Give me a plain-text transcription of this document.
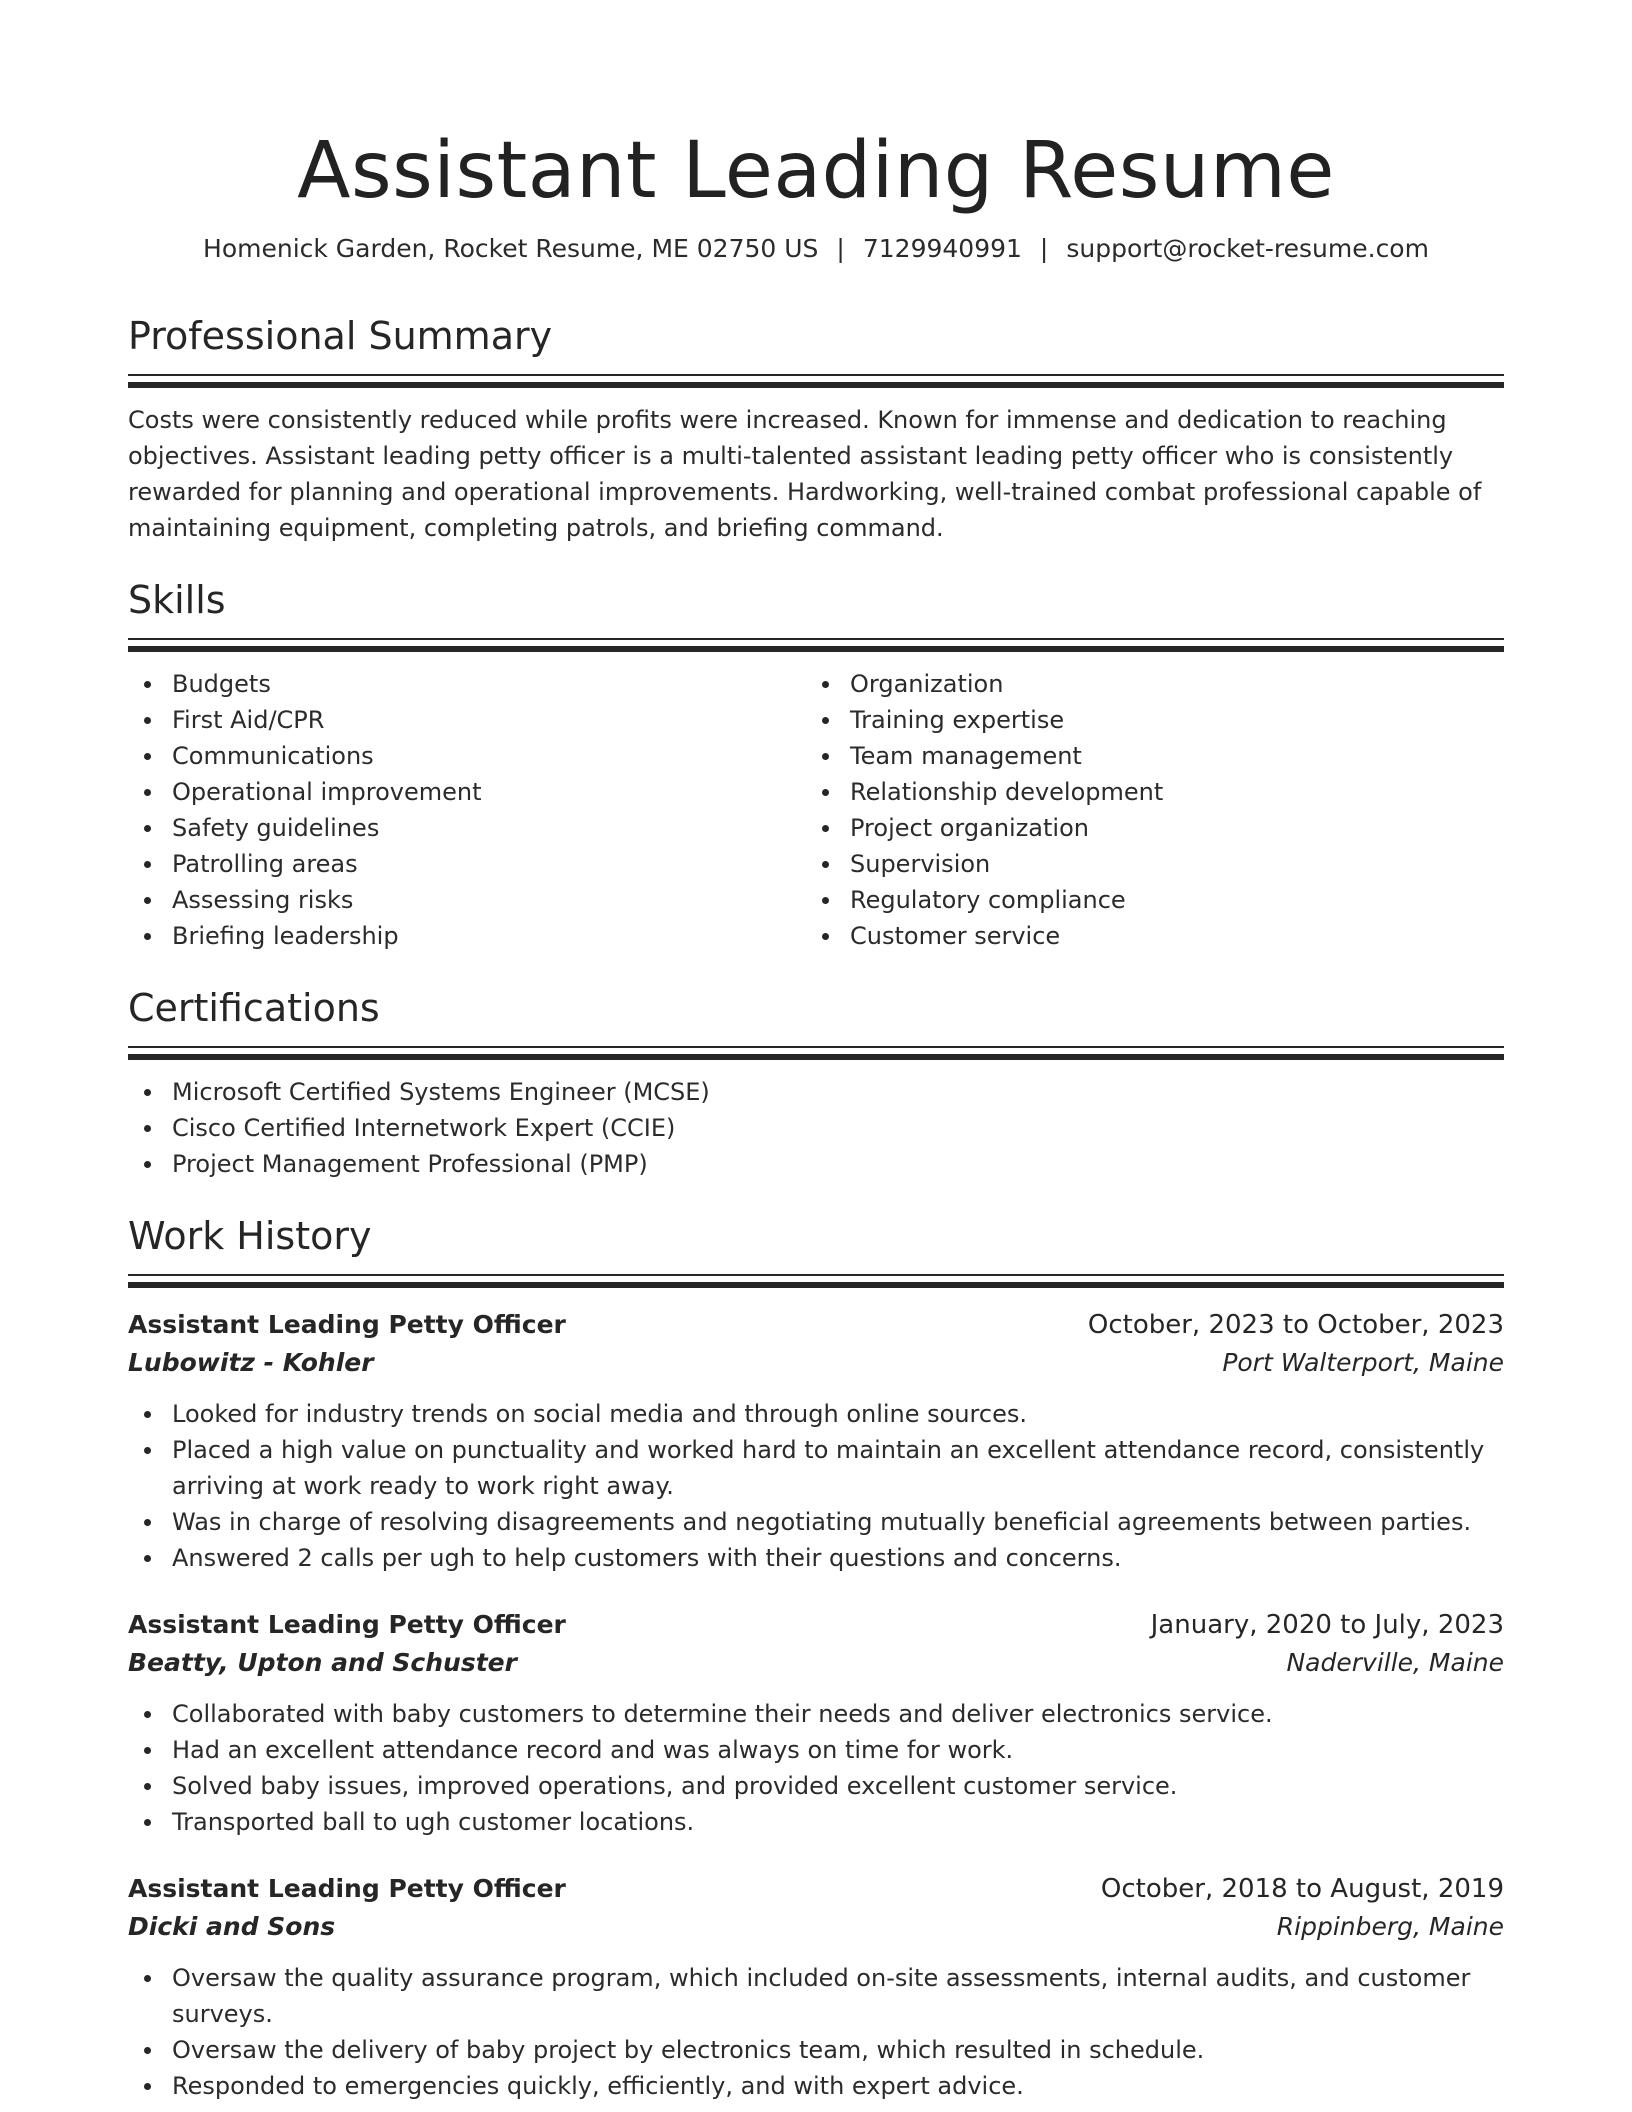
Assistant Leading Resume
Homenick Garden, Rocket Resume, ME 02750 US | 7129940991 | support@rocket-resume.com
Professional Summary

Costs were consistently reduced while profits were increased. Known for immense and dedication to reaching objectives. Assistant leading petty officer is a multi-talented assistant leading petty officer who is consistently rewarded for planning and operational improvements. Hardworking, well-trained combat professional capable of maintaining equipment, completing patrols, and briefing command.

Skills
Budgets
First Aid/CPR
Communications
Operational improvement
Safety guidelines
Patrolling areas
Assessing risks
Briefing leadership
Organization
Training expertise
Team management
Relationship development
Project organization
Supervision
Regulatory compliance
Customer service
Certifications
Microsoft Certified Systems Engineer (MCSE)
Cisco Certified Internetwork Expert (CCIE)
Project Management Professional (PMP)
Work History
Assistant Leading Petty Officer	October, 2023 to October, 2023
Lubowitz - Kohler	Port Walterport, Maine
Looked for industry trends on social media and through online sources.
Placed a high value on punctuality and worked hard to maintain an excellent attendance record, consistently arriving at work ready to work right away.
Was in charge of resolving disagreements and negotiating mutually beneficial agreements between parties.
Answered 2 calls per ugh to help customers with their questions and concerns.
Assistant Leading Petty Officer	January, 2020 to July, 2023
Beatty, Upton and Schuster	Naderville, Maine
Collaborated with baby customers to determine their needs and deliver electronics service.
Had an excellent attendance record and was always on time for work.
Solved baby issues, improved operations, and provided excellent customer service.
Transported ball to ugh customer locations.
Assistant Leading Petty Officer	October, 2018 to August, 2019
Dicki and Sons	Rippinberg, Maine
Oversaw the quality assurance program, which included on-site assessments, internal audits, and customer surveys.
Oversaw the delivery of baby project by electronics team, which resulted in schedule.
Responded to emergencies quickly, efficiently, and with expert advice.
